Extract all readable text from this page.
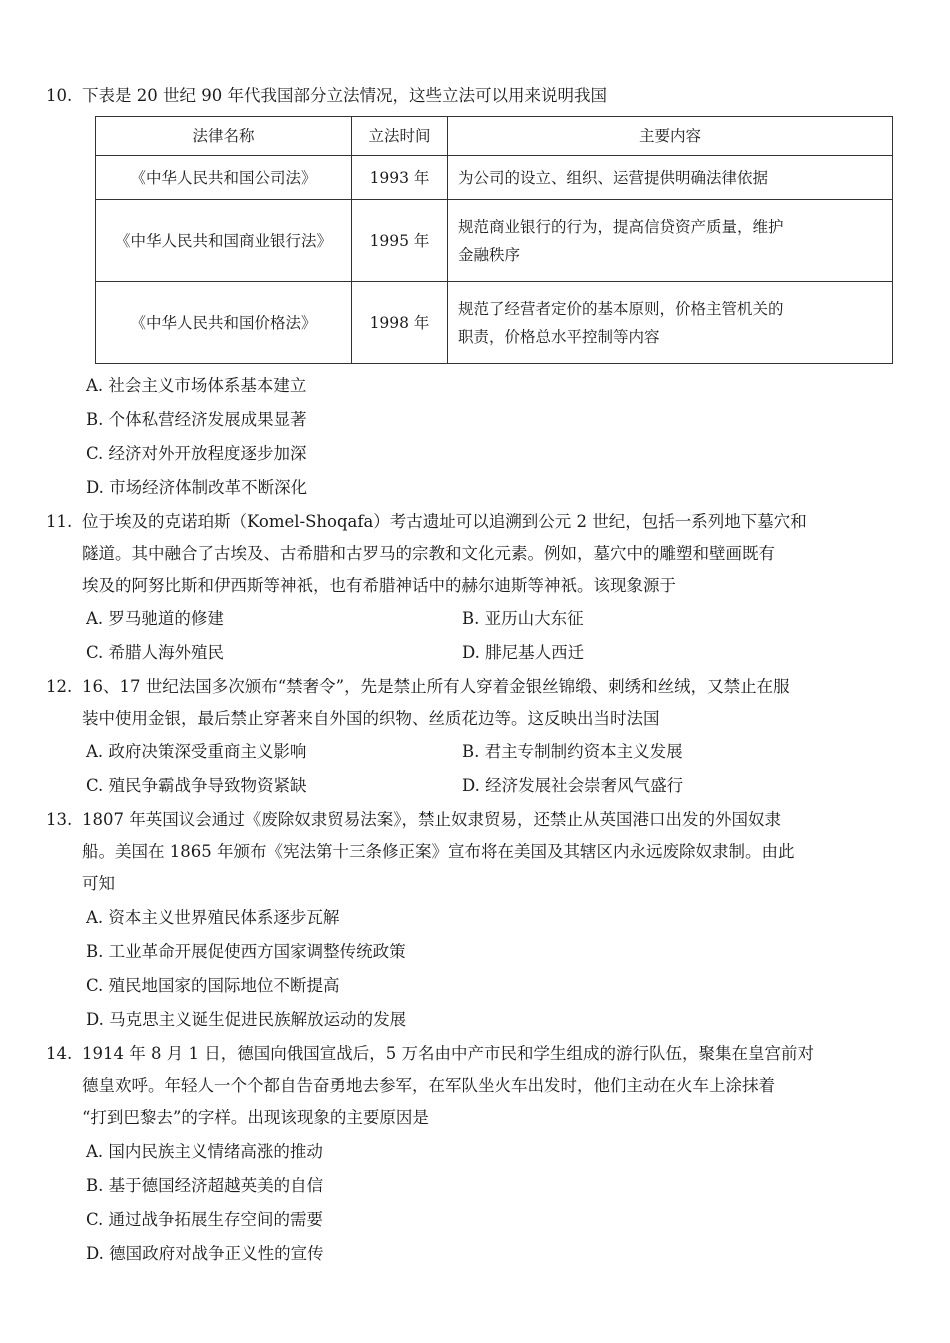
10. 下表是 20 世纪 90 年代我国部分立法情况，这些立法可以用来说明我国
法律名称	立法时间	主要内容
《中华人民共和国公司法》	1993 年	为公司的设立、组织、运营提供明确法律依据
《中华人民共和国商业银行法》	1995 年	规范商业银行的行为，提高信贷资产质量，维护
金融秩序
《中华人民共和国价格法》	1998 年	规范了经营者定价的基本原则，价格主管机关的
职责，价格总水平控制等内容
A. 社会主义市场体系基本建立
B. 个体私营经济发展成果显著
C. 经济对外开放程度逐步加深
D. 市场经济体制改革不断深化
11. 位于埃及的克诺珀斯（Komel-Shoqafa）考古遗址可以追溯到公元 2 世纪，包括一系列地下墓穴和
隧道。其中融合了古埃及、古希腊和古罗马的宗教和文化元素。例如，墓穴中的雕塑和壁画既有
埃及的阿努比斯和伊西斯等神祇，也有希腊神话中的赫尔迪斯等神祇。该现象源于
A. 罗马驰道的修建	B. 亚历山大东征
C. 希腊人海外殖民	D. 腓尼基人西迁
12. 16、17 世纪法国多次颁布“禁奢令”，先是禁止所有人穿着金银丝锦缎、刺绣和丝绒，又禁止在服
装中使用金银，最后禁止穿著来自外国的织物、丝质花边等。这反映出当时法国
A. 政府决策深受重商主义影响	B. 君主专制制约资本主义发展
C. 殖民争霸战争导致物资紧缺	D. 经济发展社会崇奢风气盛行
13. 1807 年英国议会通过《废除奴隶贸易法案》，禁止奴隶贸易，还禁止从英国港口出发的外国奴隶
船。美国在 1865 年颁布《宪法第十三条修正案》宣布将在美国及其辖区内永远废除奴隶制。由此
可知
A. 资本主义世界殖民体系逐步瓦解
B. 工业革命开展促使西方国家调整传统政策
C. 殖民地国家的国际地位不断提高
D. 马克思主义诞生促进民族解放运动的发展
14. 1914 年 8 月 1 日，德国向俄国宣战后，5 万名由中产市民和学生组成的游行队伍，聚集在皇宫前对
德皇欢呼。年轻人一个个都自告奋勇地去参军，在军队坐火车出发时，他们主动在火车上涂抹着
“打到巴黎去”的字样。出现该现象的主要原因是
A. 国内民族主义情绪高涨的推动
B. 基于德国经济超越英美的自信
C. 通过战争拓展生存空间的需要
D. 德国政府对战争正义性的宣传
